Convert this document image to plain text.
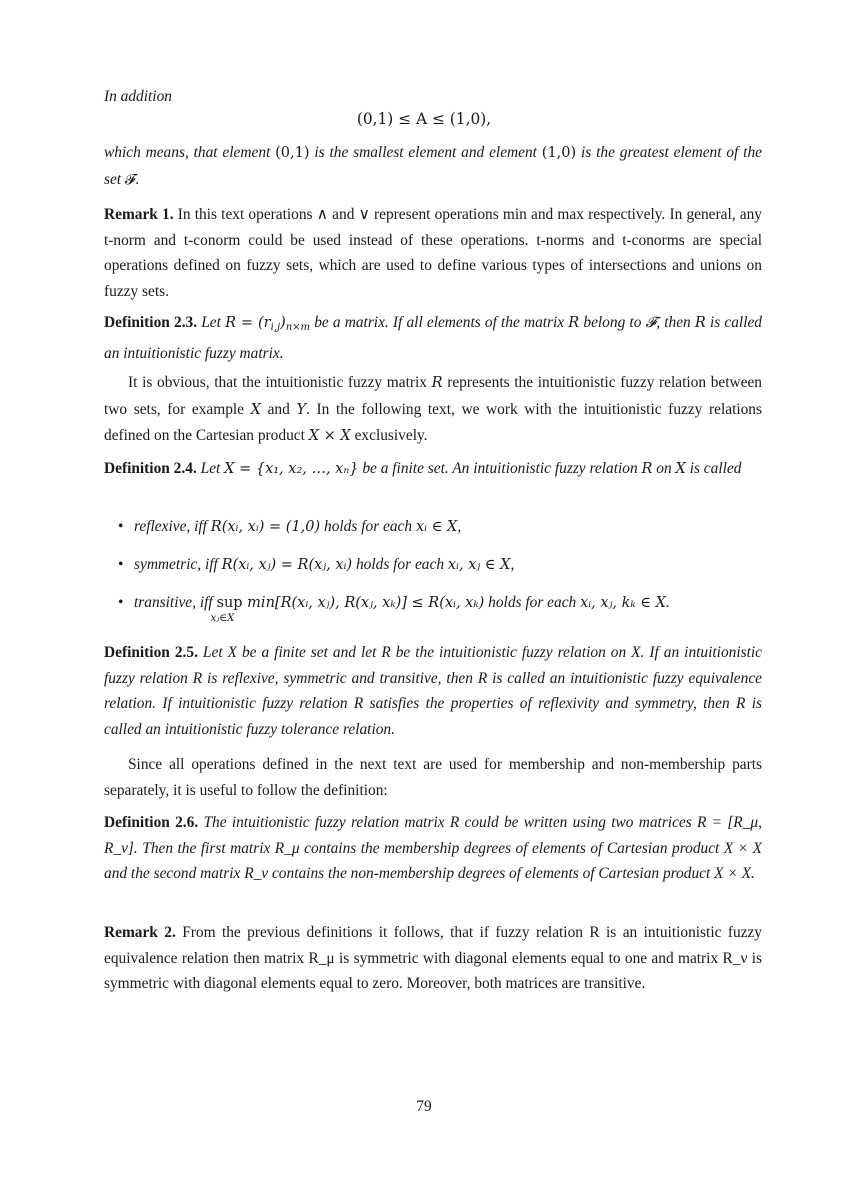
In addition
(0,1) ≤ A ≤ (1,0),
which means, that element (0,1) is the smallest element and element (1,0) is the greatest element of the set 𝓕.
Remark 1. In this text operations ∧ and ∨ represent operations min and max respectively. In general, any t-norm and t-conorm could be used instead of these operations. t-norms and t-conorms are special operations defined on fuzzy sets, which are used to define various types of intersections and unions on fuzzy sets.
Definition 2.3. Let $R = (r_{i,j})_{n\times m}$ be a matrix. If all elements of the matrix R belong to 𝓕, then R is called an intuitionistic fuzzy matrix.
It is obvious, that the intuitionistic fuzzy matrix R represents the intuitionistic fuzzy relation between two sets, for example X and Y. In the following text, we work with the intuitionistic fuzzy relations defined on the Cartesian product X × X exclusively.
Definition 2.4. Let X = {x₁, x₂, …, xₙ} be a finite set. An intuitionistic fuzzy relation R on X is called
• reflexive, iff R(xᵢ, xᵢ) = (1,0) holds for each xᵢ ∈ X,
• symmetric, iff R(xᵢ, xⱼ) = R(xⱼ, xᵢ) holds for each xᵢ, xⱼ ∈ X,
• transitive, iff sup
xⱼ∈X
min[R(xᵢ, xⱼ), R(xⱼ, xₖ)] ≤ R(xᵢ, xₖ) holds for each xᵢ, xⱼ, kₖ ∈ X.
Definition 2.5. Let X be a finite set and let R be the intuitionistic fuzzy relation on X. If an intuitionistic fuzzy relation R is reflexive, symmetric and transitive, then R is called an intuitionistic fuzzy equivalence relation. If intuitionistic fuzzy relation R satisfies the properties of reflexivity and symmetry, then R is called an intuitionistic fuzzy tolerance relation.
Since all operations defined in the next text are used for membership and non-membership parts separately, it is useful to follow the definition:
Definition 2.6. The intuitionistic fuzzy relation matrix R could be written using two matrices R = [R_μ, R_ν]. Then the first matrix R_μ contains the membership degrees of elements of Cartesian product X × X and the second matrix R_ν contains the non-membership degrees of elements of Cartesian product X × X.
Remark 2. From the previous definitions it follows, that if fuzzy relation R is an intuitionistic fuzzy equivalence relation then matrix R_μ is symmetric with diagonal elements equal to one and matrix R_ν is symmetric with diagonal elements equal to zero. Moreover, both matrices are transitive.
79
